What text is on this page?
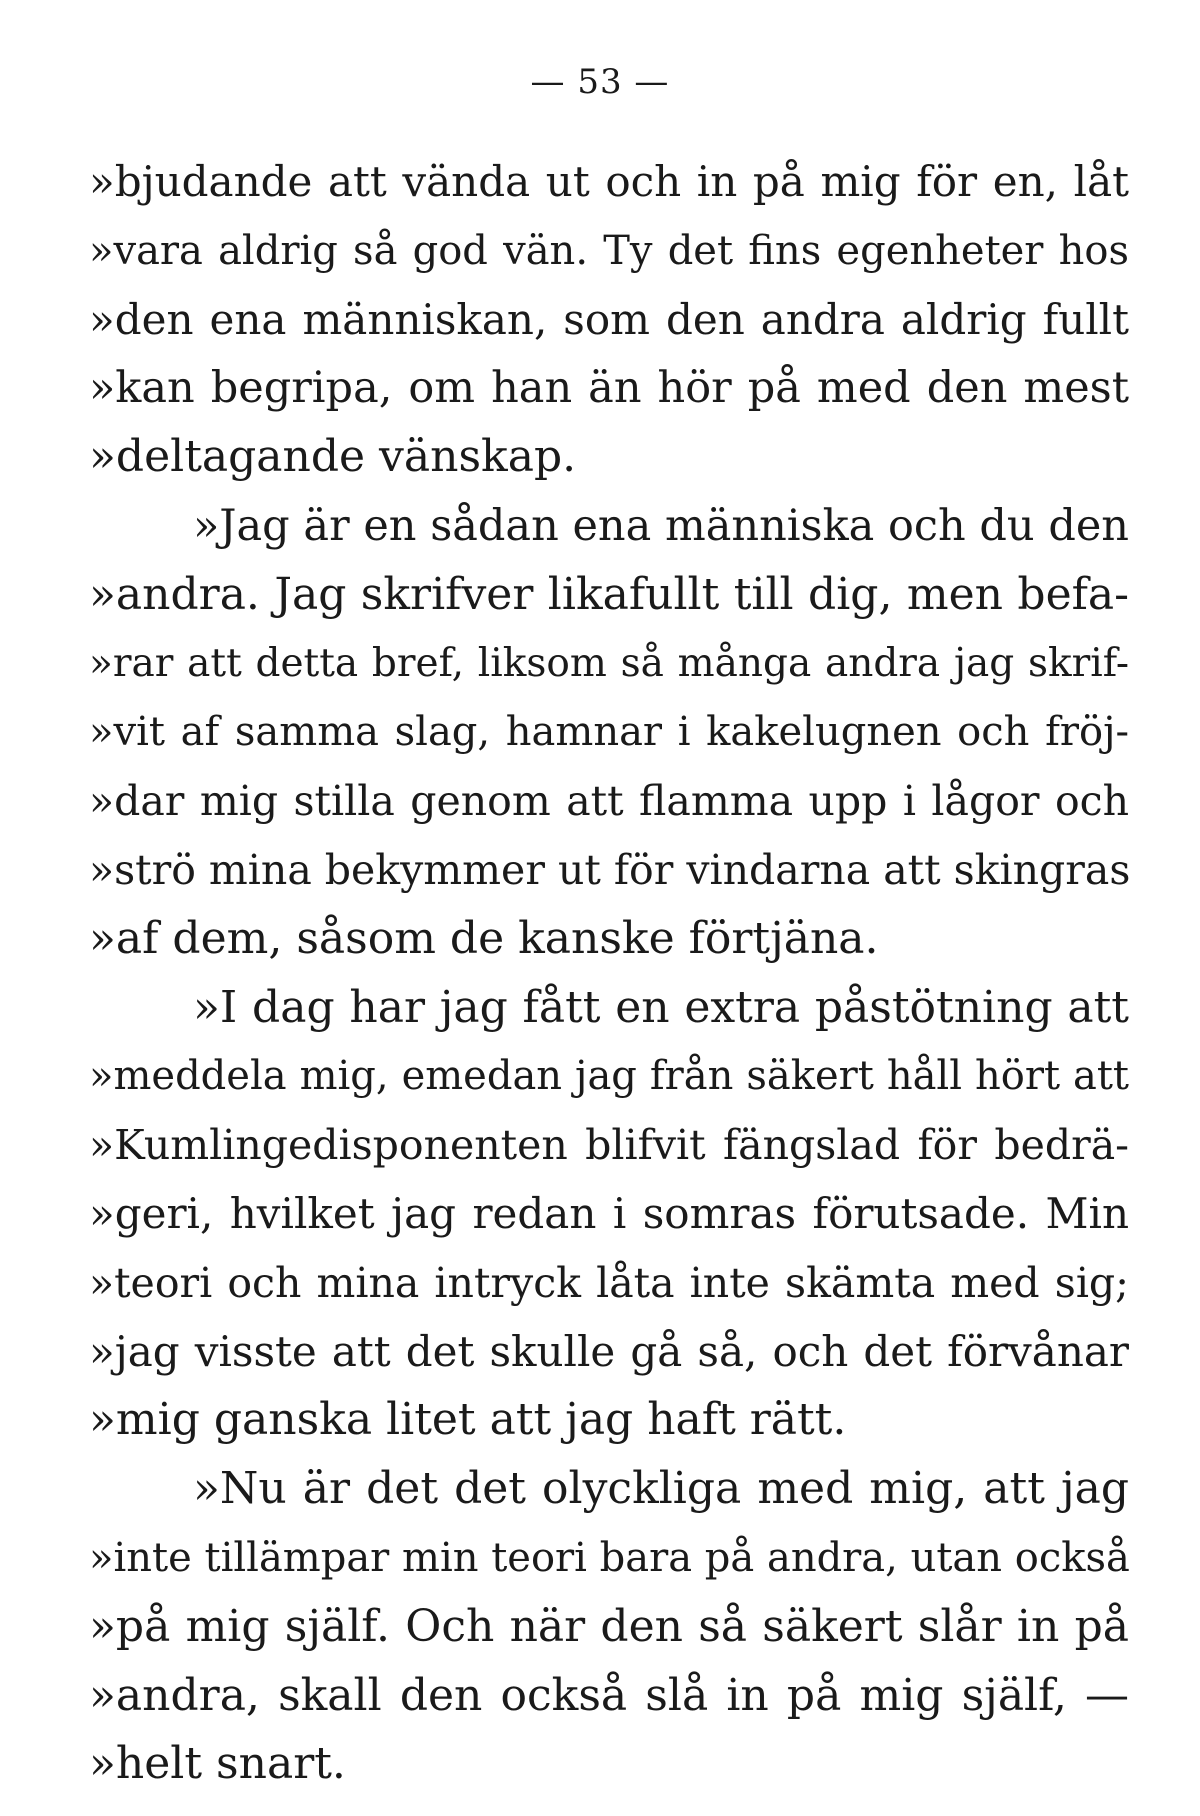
— 53 —
»bjudande att vända ut och in på mig för en, låt
»vara aldrig så god vän. Ty det fins egenheter hos
»den ena människan, som den andra aldrig fullt
»kan begripa, om han än hör på med den mest
»deltagande vänskap.
»Jag är en sådan ena människa och du den
»andra. Jag skrifver likafullt till dig, men befa-
»rar att detta bref, liksom så många andra jag skrif-
»vit af samma slag, hamnar i kakelugnen och fröj-
»dar mig stilla genom att flamma upp i lågor och
»strö mina bekymmer ut för vindarna att skingras
»af dem, såsom de kanske förtjäna.
»I dag har jag fått en extra påstötning att
»meddela mig, emedan jag från säkert håll hört att
»Kumlingedisponenten blifvit fängslad för bedrä-
»geri, hvilket jag redan i somras förutsade. Min
»teori och mina intryck låta inte skämta med sig;
»jag visste att det skulle gå så, och det förvånar
»mig ganska litet att jag haft rätt.
»Nu är det det olyckliga med mig, att jag
»inte tillämpar min teori bara på andra, utan också
»på mig själf. Och när den så säkert slår in på
»andra, skall den också slå in på mig själf, —
»helt snart.
